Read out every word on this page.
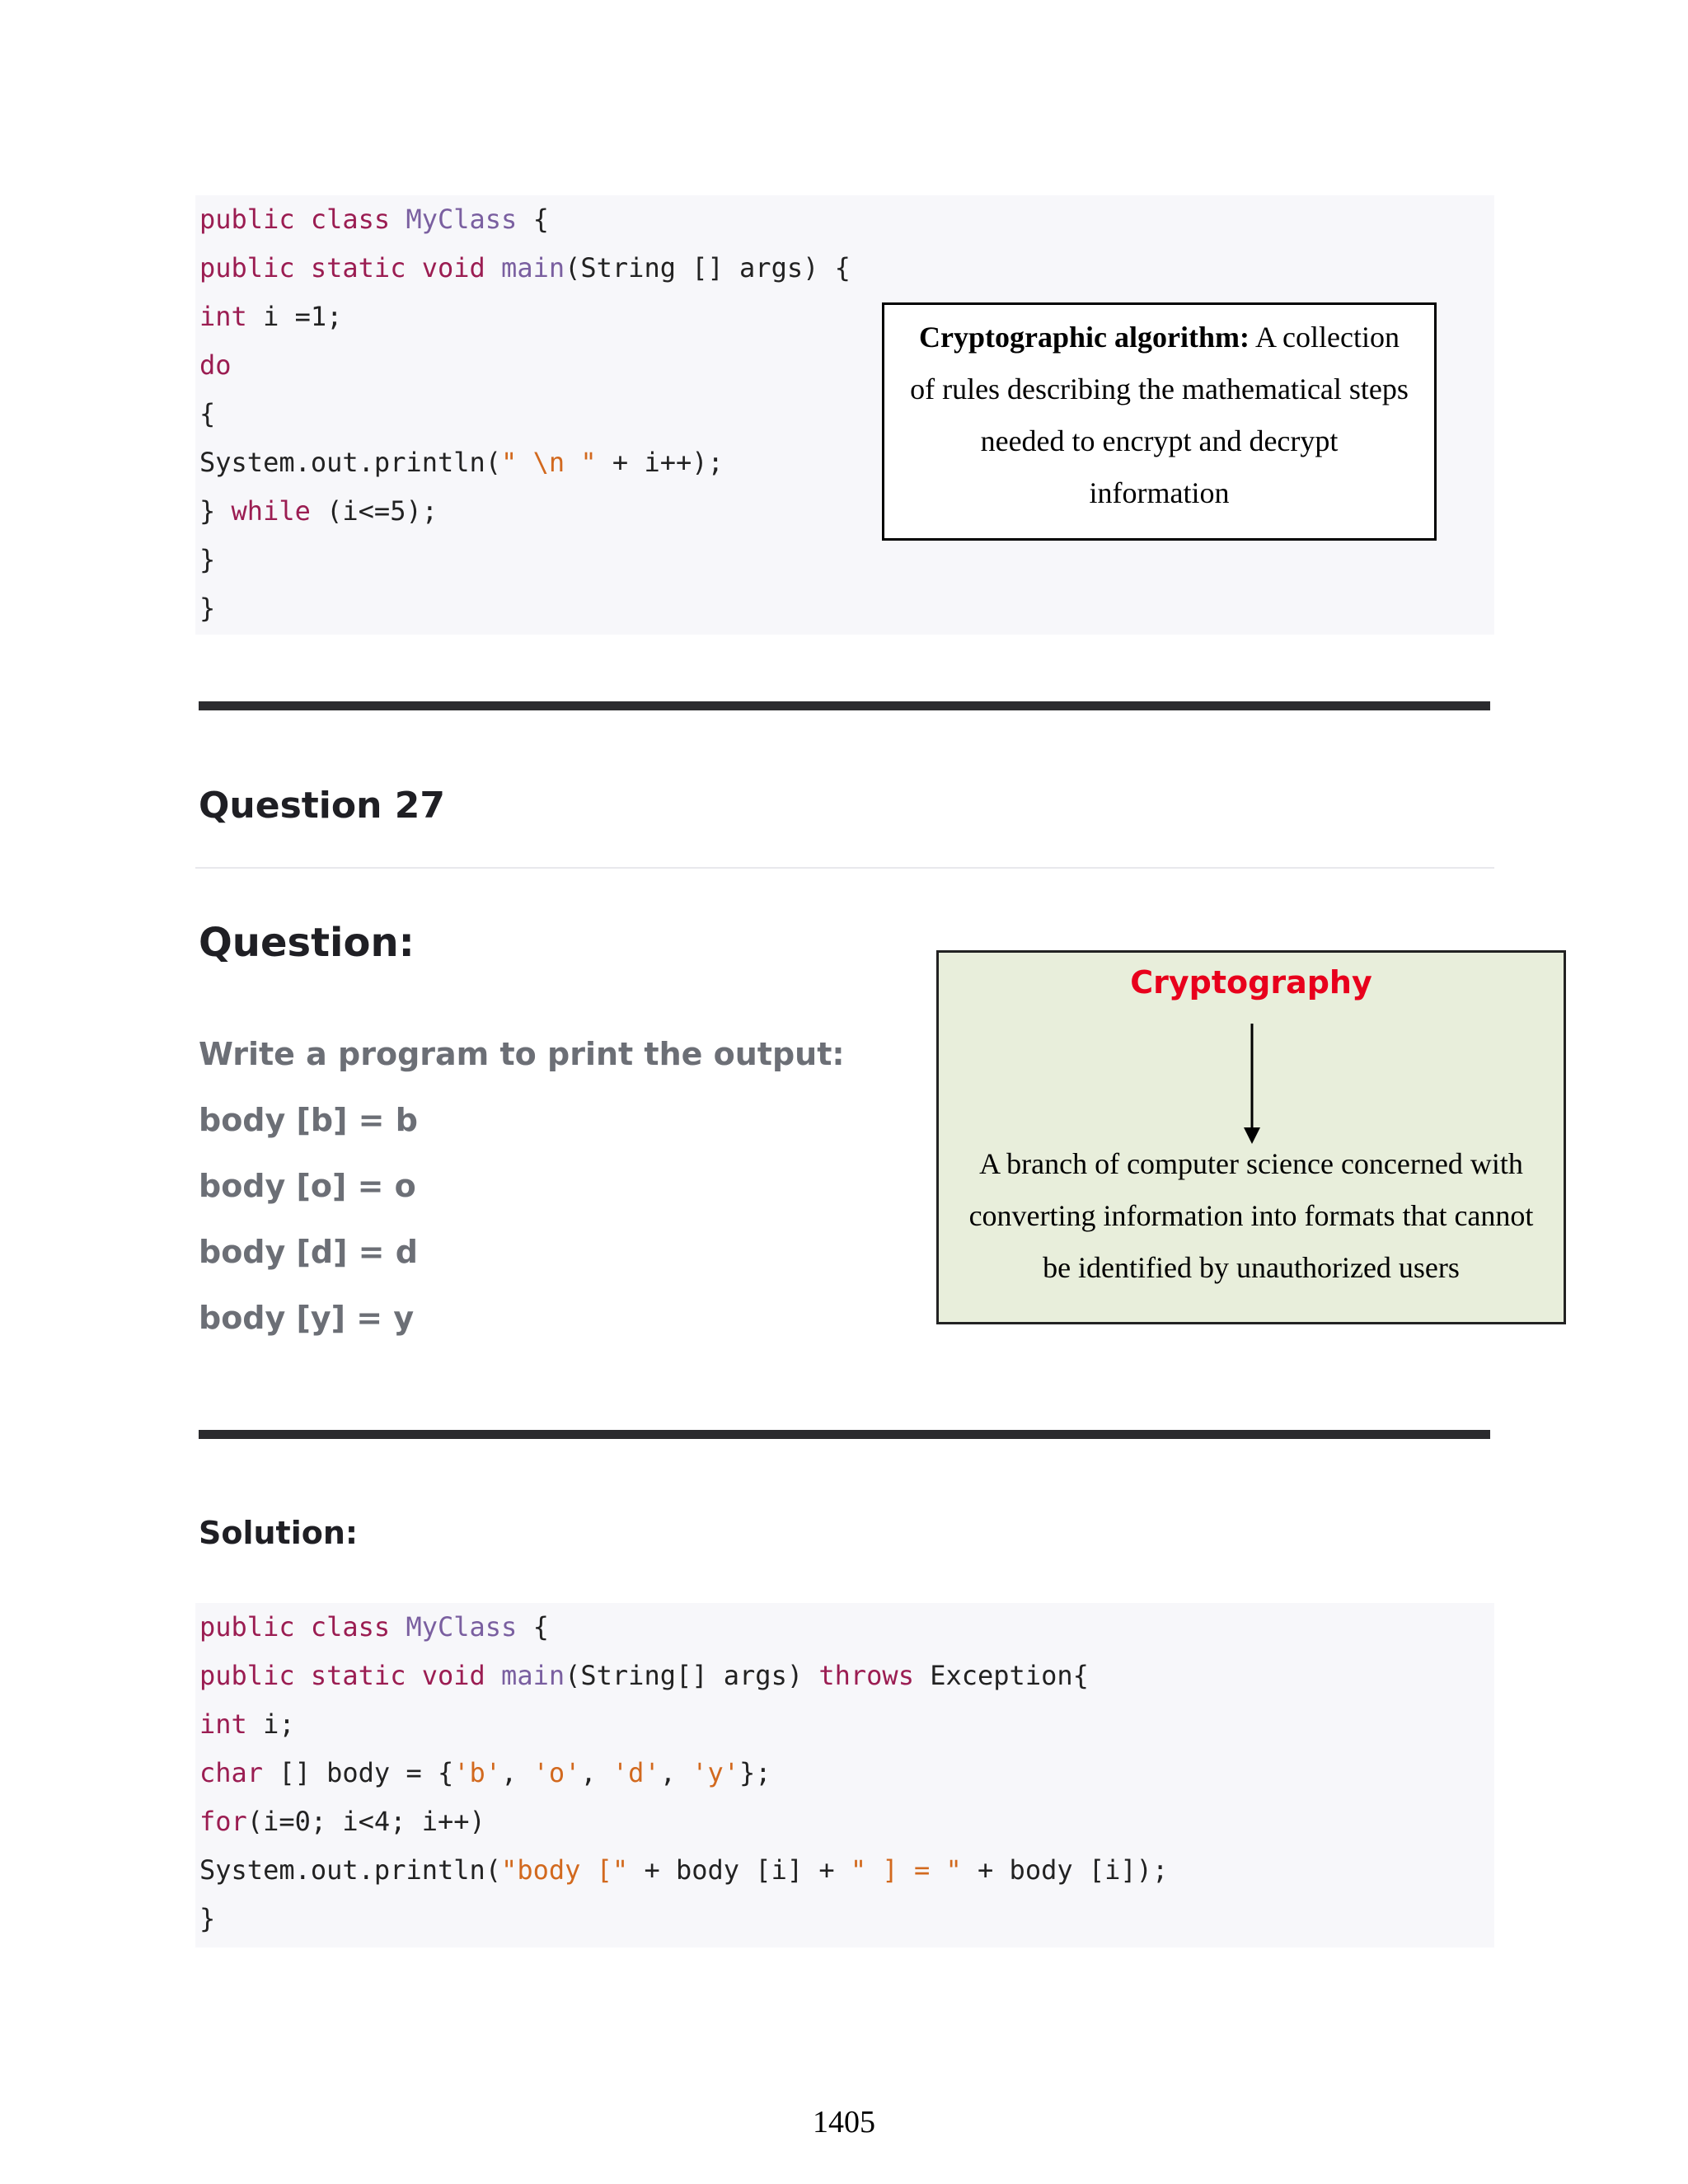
public class MyClass {
public static void main(String [] args) {
int i =1;
do
{
System.out.println(" \n " + i++);
} while (i<=5);
}
}
Cryptographic algorithm: A collection
of rules describing the mathematical steps
needed to encrypt and decrypt
information
Question 27
Question:
Write a program to print the output:
body [b] = b
body [o] = o
body [d] = d
body [y] = y
Cryptography
A branch of computer science concerned with
converting information into formats that cannot
be identified by unauthorized users
Solution:
public class MyClass {
public static void main(String[] args) throws Exception{
int i;
char [] body = {'b', 'o', 'd', 'y'};
for(i=0; i<4; i++)
System.out.println("body [" + body [i] + " ] = " + body [i]);
}
1405
